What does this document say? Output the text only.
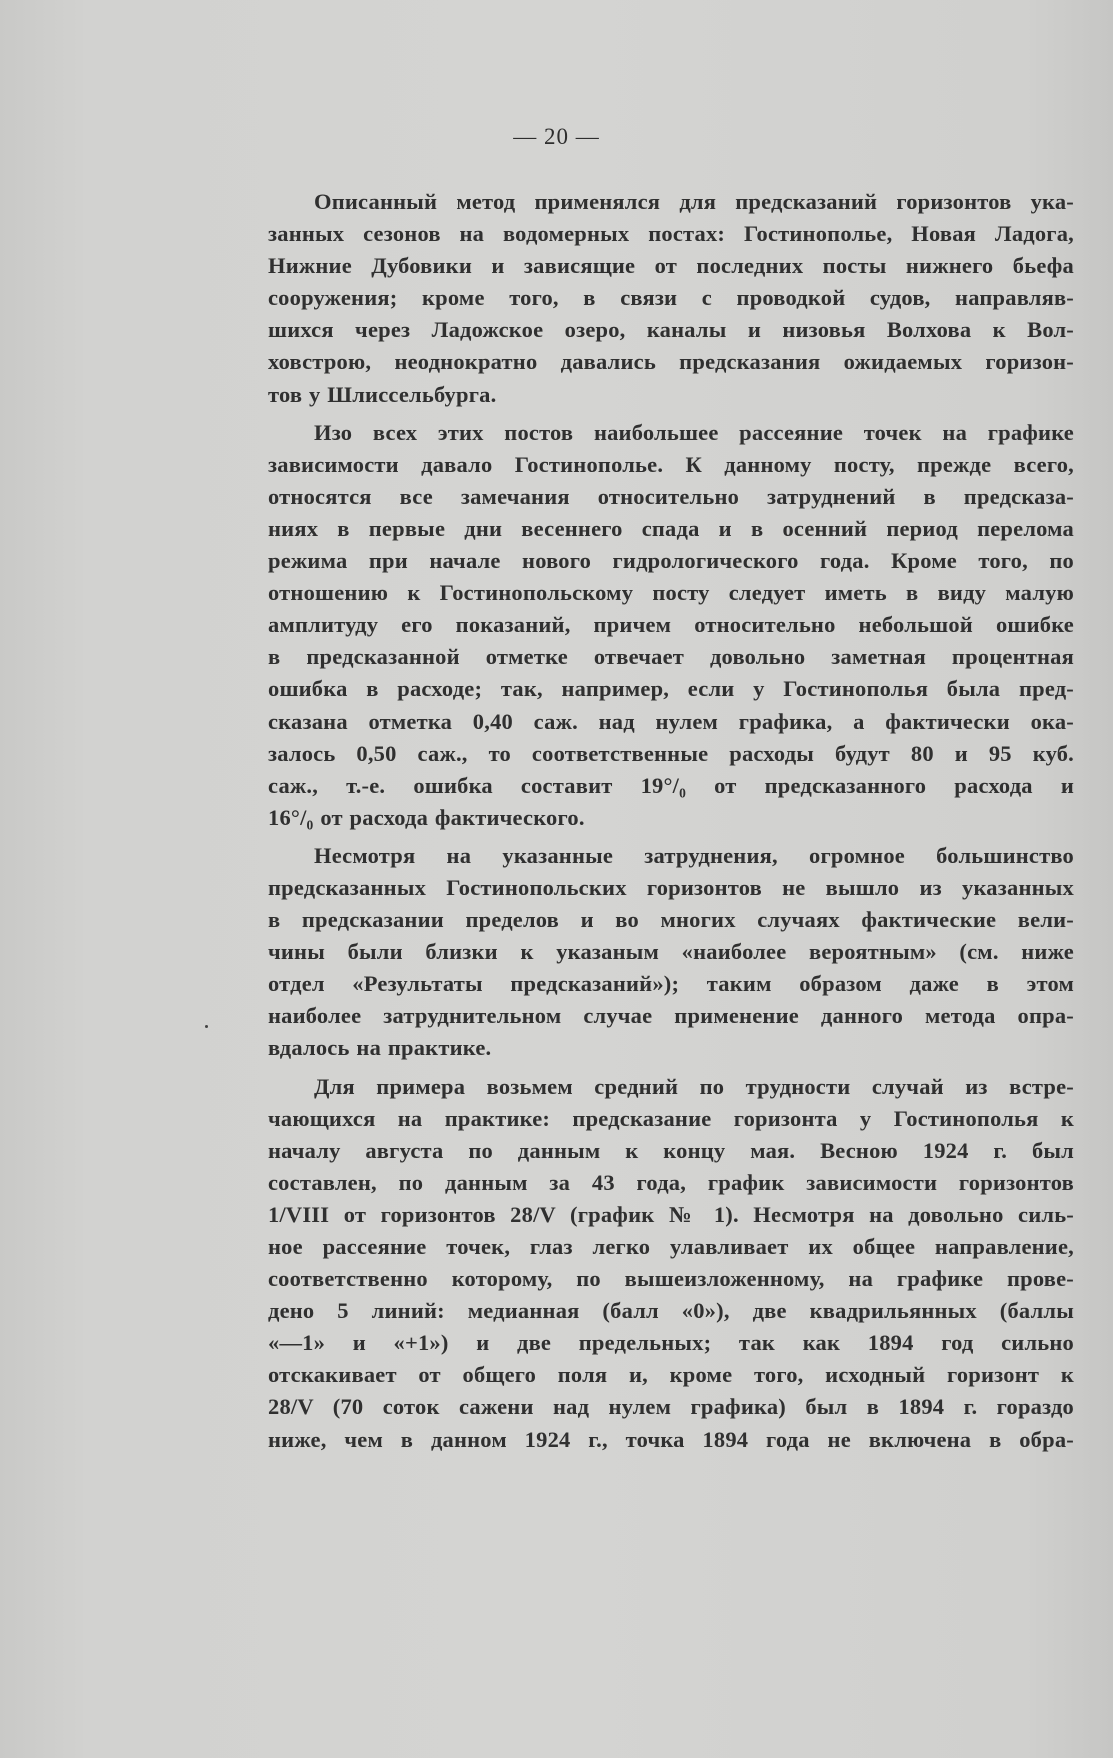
— 20 —
Описанный метод применялся для предсказаний горизонтов ука-
занных сезонов на водомерных постах: Гостинополье, Новая Ладога,
Нижние Дубовики и зависящие от последних посты нижнего бьефа
сооружения; кроме того, в связи с проводкой судов, направляв-
шихся через Ладожское озеро, каналы и низовья Волхова к Вол-
ховстрою, неоднократно давались предсказания ожидаемых горизон-
тов у Шлиссельбурга.
Изо всех этих постов наибольшее рассеяние точек на графике
зависимости давало Гостинополье. К данному посту, прежде всего,
относятся все замечания относительно затруднений в предсказа-
ниях в первые дни весеннего спада и в осенний период перелома
режима при начале нового гидрологического года. Кроме того, по
отношению к Гостинопольскому посту следует иметь в виду малую
амплитуду его показаний, причем относительно небольшой ошибке
в предсказанной отметке отвечает довольно заметная процентная
ошибка в расходе; так, например, если у Гостинополья была пред-
сказана отметка 0,40 саж. над нулем графика, а фактически ока-
залось 0,50 саж., то соответственные расходы будут 80 и 95 куб.
саж., т.-е. ошибка составит 19°/₀ от предсказанного расхода и
16°/₀ от расхода фактического.
Несмотря на указанные затруднения, огромное большинство
предсказанных Гостинопольских горизонтов не вышло из указанных
в предсказании пределов и во многих случаях фактические вели-
чины были близки к указаным «наиболее вероятным» (см. ниже
отдел «Результаты предсказаний»); таким образом даже в этом
наиболее затруднительном случае применение данного метода опра-
вдалось на практике.
Для примера возьмем средний по трудности случай из встре-
чающихся на практике: предсказание горизонта у Гостинополья к
началу августа по данным к концу мая. Весною 1924 г. был
составлен, по данным за 43 года, график зависимости горизонтов
1/VIII от горизонтов 28/V (график № 1). Несмотря на довольно силь-
ное рассеяние точек, глаз легко улавливает их общее направление,
соответственно которому, по вышеизложенному, на графике прове-
дено 5 линий: медианная (балл «0»), две квадрильянных (баллы
«—1» и «+1») и две предельных; так как 1894 год сильно
отскакивает от общего поля и, кроме того, исходный горизонт к
28/V (70 соток сажени над нулем графика) был в 1894 г. гораздо
ниже, чем в данном 1924 г., точка 1894 года не включена в обра-
